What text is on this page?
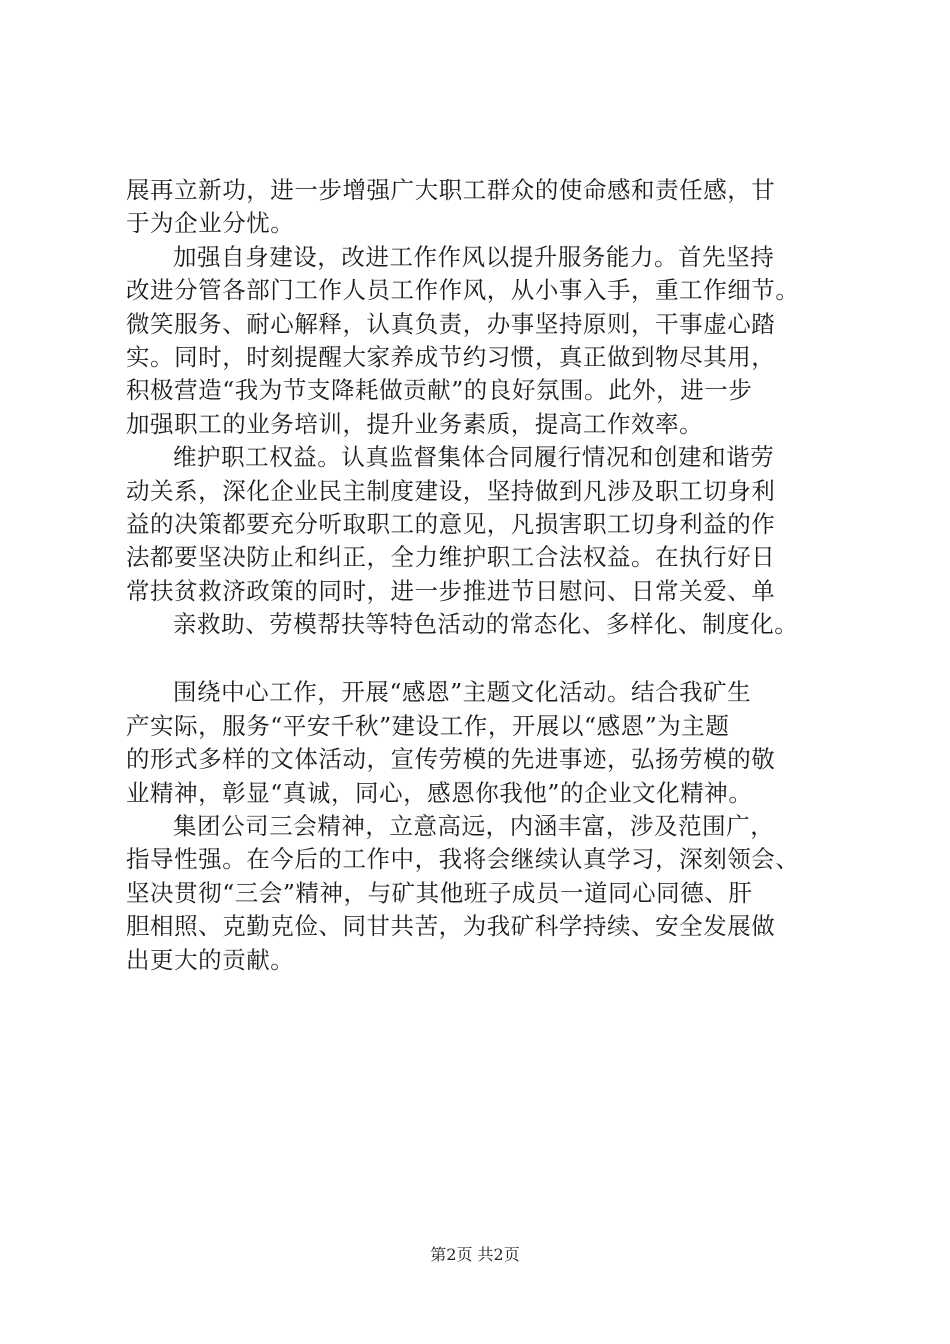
展再立新功，进一步增强广大职工群众的使命感和责任感，甘
于为企业分忧。
加强自身建设，改进工作作风以提升服务能力。首先坚持
改进分管各部门工作人员工作作风，从小事入手，重工作细节。
微笑服务、耐心解释，认真负责，办事坚持原则，干事虚心踏
实。同时，时刻提醒大家养成节约习惯，真正做到物尽其用，
积极营造“我为节支降耗做贡献”的良好氛围。此外，进一步
加强职工的业务培训，提升业务素质，提高工作效率。
维护职工权益。认真监督集体合同履行情况和创建和谐劳
动关系，深化企业民主制度建设，坚持做到凡涉及职工切身利
益的决策都要充分听取职工的意见，凡损害职工切身利益的作
法都要坚决防止和纠正，全力维护职工合法权益。在执行好日
常扶贫救济政策的同时，进一步推进节日慰问、日常关爱、单
亲救助、劳模帮扶等特色活动的常态化、多样化、制度化。
围绕中心工作，开展“感恩”主题文化活动。结合我矿生
产实际，服务“平安千秋”建设工作，开展以“感恩”为主题
的形式多样的文体活动，宣传劳模的先进事迹，弘扬劳模的敬
业精神，彰显“真诚，同心，感恩你我他”的企业文化精神。
集团公司三会精神，立意高远，内涵丰富，涉及范围广，
指导性强。在今后的工作中，我将会继续认真学习，深刻领会、
坚决贯彻“三会”精神，与矿其他班子成员一道同心同德、肝
胆相照、克勤克俭、同甘共苦，为我矿科学持续、安全发展做
出更大的贡献。
第2页 共2页
